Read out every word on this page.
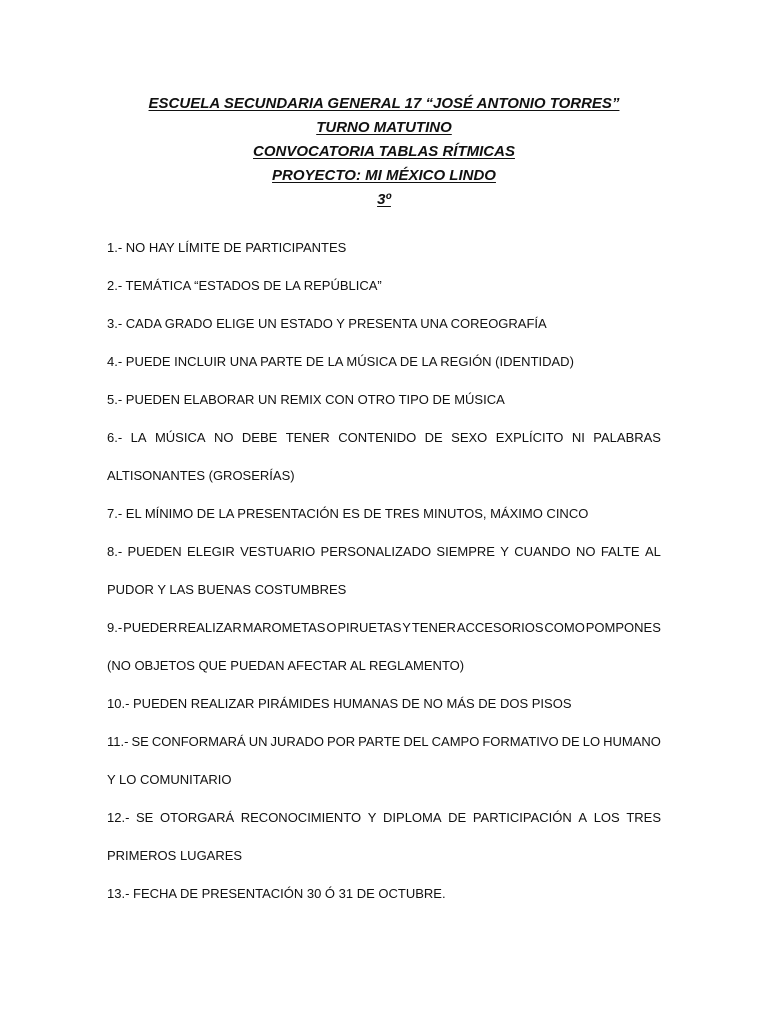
ESCUELA SECUNDARIA GENERAL 17 “JOSÉ ANTONIO TORRES”
TURNO MATUTINO
CONVOCATORIA TABLAS RÍTMICAS
PROYECTO: MI MÉXICO LINDO
3º
1.- NO HAY LÍMITE DE PARTICIPANTES
2.- TEMÁTICA “ESTADOS DE LA REPÚBLICA”
3.- CADA GRADO ELIGE UN ESTADO Y PRESENTA UNA COREOGRAFÍA
4.- PUEDE INCLUIR UNA PARTE DE LA MÚSICA DE LA REGIÓN (IDENTIDAD)
5.- PUEDEN ELABORAR UN REMIX CON OTRO TIPO DE MÚSICA
6.- LA MÚSICA NO DEBE TENER CONTENIDO DE SEXO EXPLÍCITO NI PALABRAS
ALTISONANTES (GROSERÍAS)
7.- EL MÍNIMO DE LA PRESENTACIÓN ES DE TRES MINUTOS, MÁXIMO CINCO
8.- PUEDEN ELEGIR VESTUARIO PERSONALIZADO SIEMPRE Y CUANDO NO FALTE AL
PUDOR Y LAS BUENAS COSTUMBRES
9.- PUEDER REALIZAR MAROMETAS O PIRUETAS Y TENER ACCESORIOS COMO POMPONES
(NO OBJETOS QUE PUEDAN AFECTAR AL REGLAMENTO)
10.- PUEDEN REALIZAR PIRÁMIDES HUMANAS DE NO MÁS DE DOS PISOS
11.- SE CONFORMARÁ UN JURADO POR PARTE DEL CAMPO FORMATIVO DE LO HUMANO
Y LO COMUNITARIO
12.- SE OTORGARÁ RECONOCIMIENTO Y DIPLOMA DE PARTICIPACIÓN A LOS TRES
PRIMEROS LUGARES
13.- FECHA DE PRESENTACIÓN 30 Ó 31 DE OCTUBRE.
